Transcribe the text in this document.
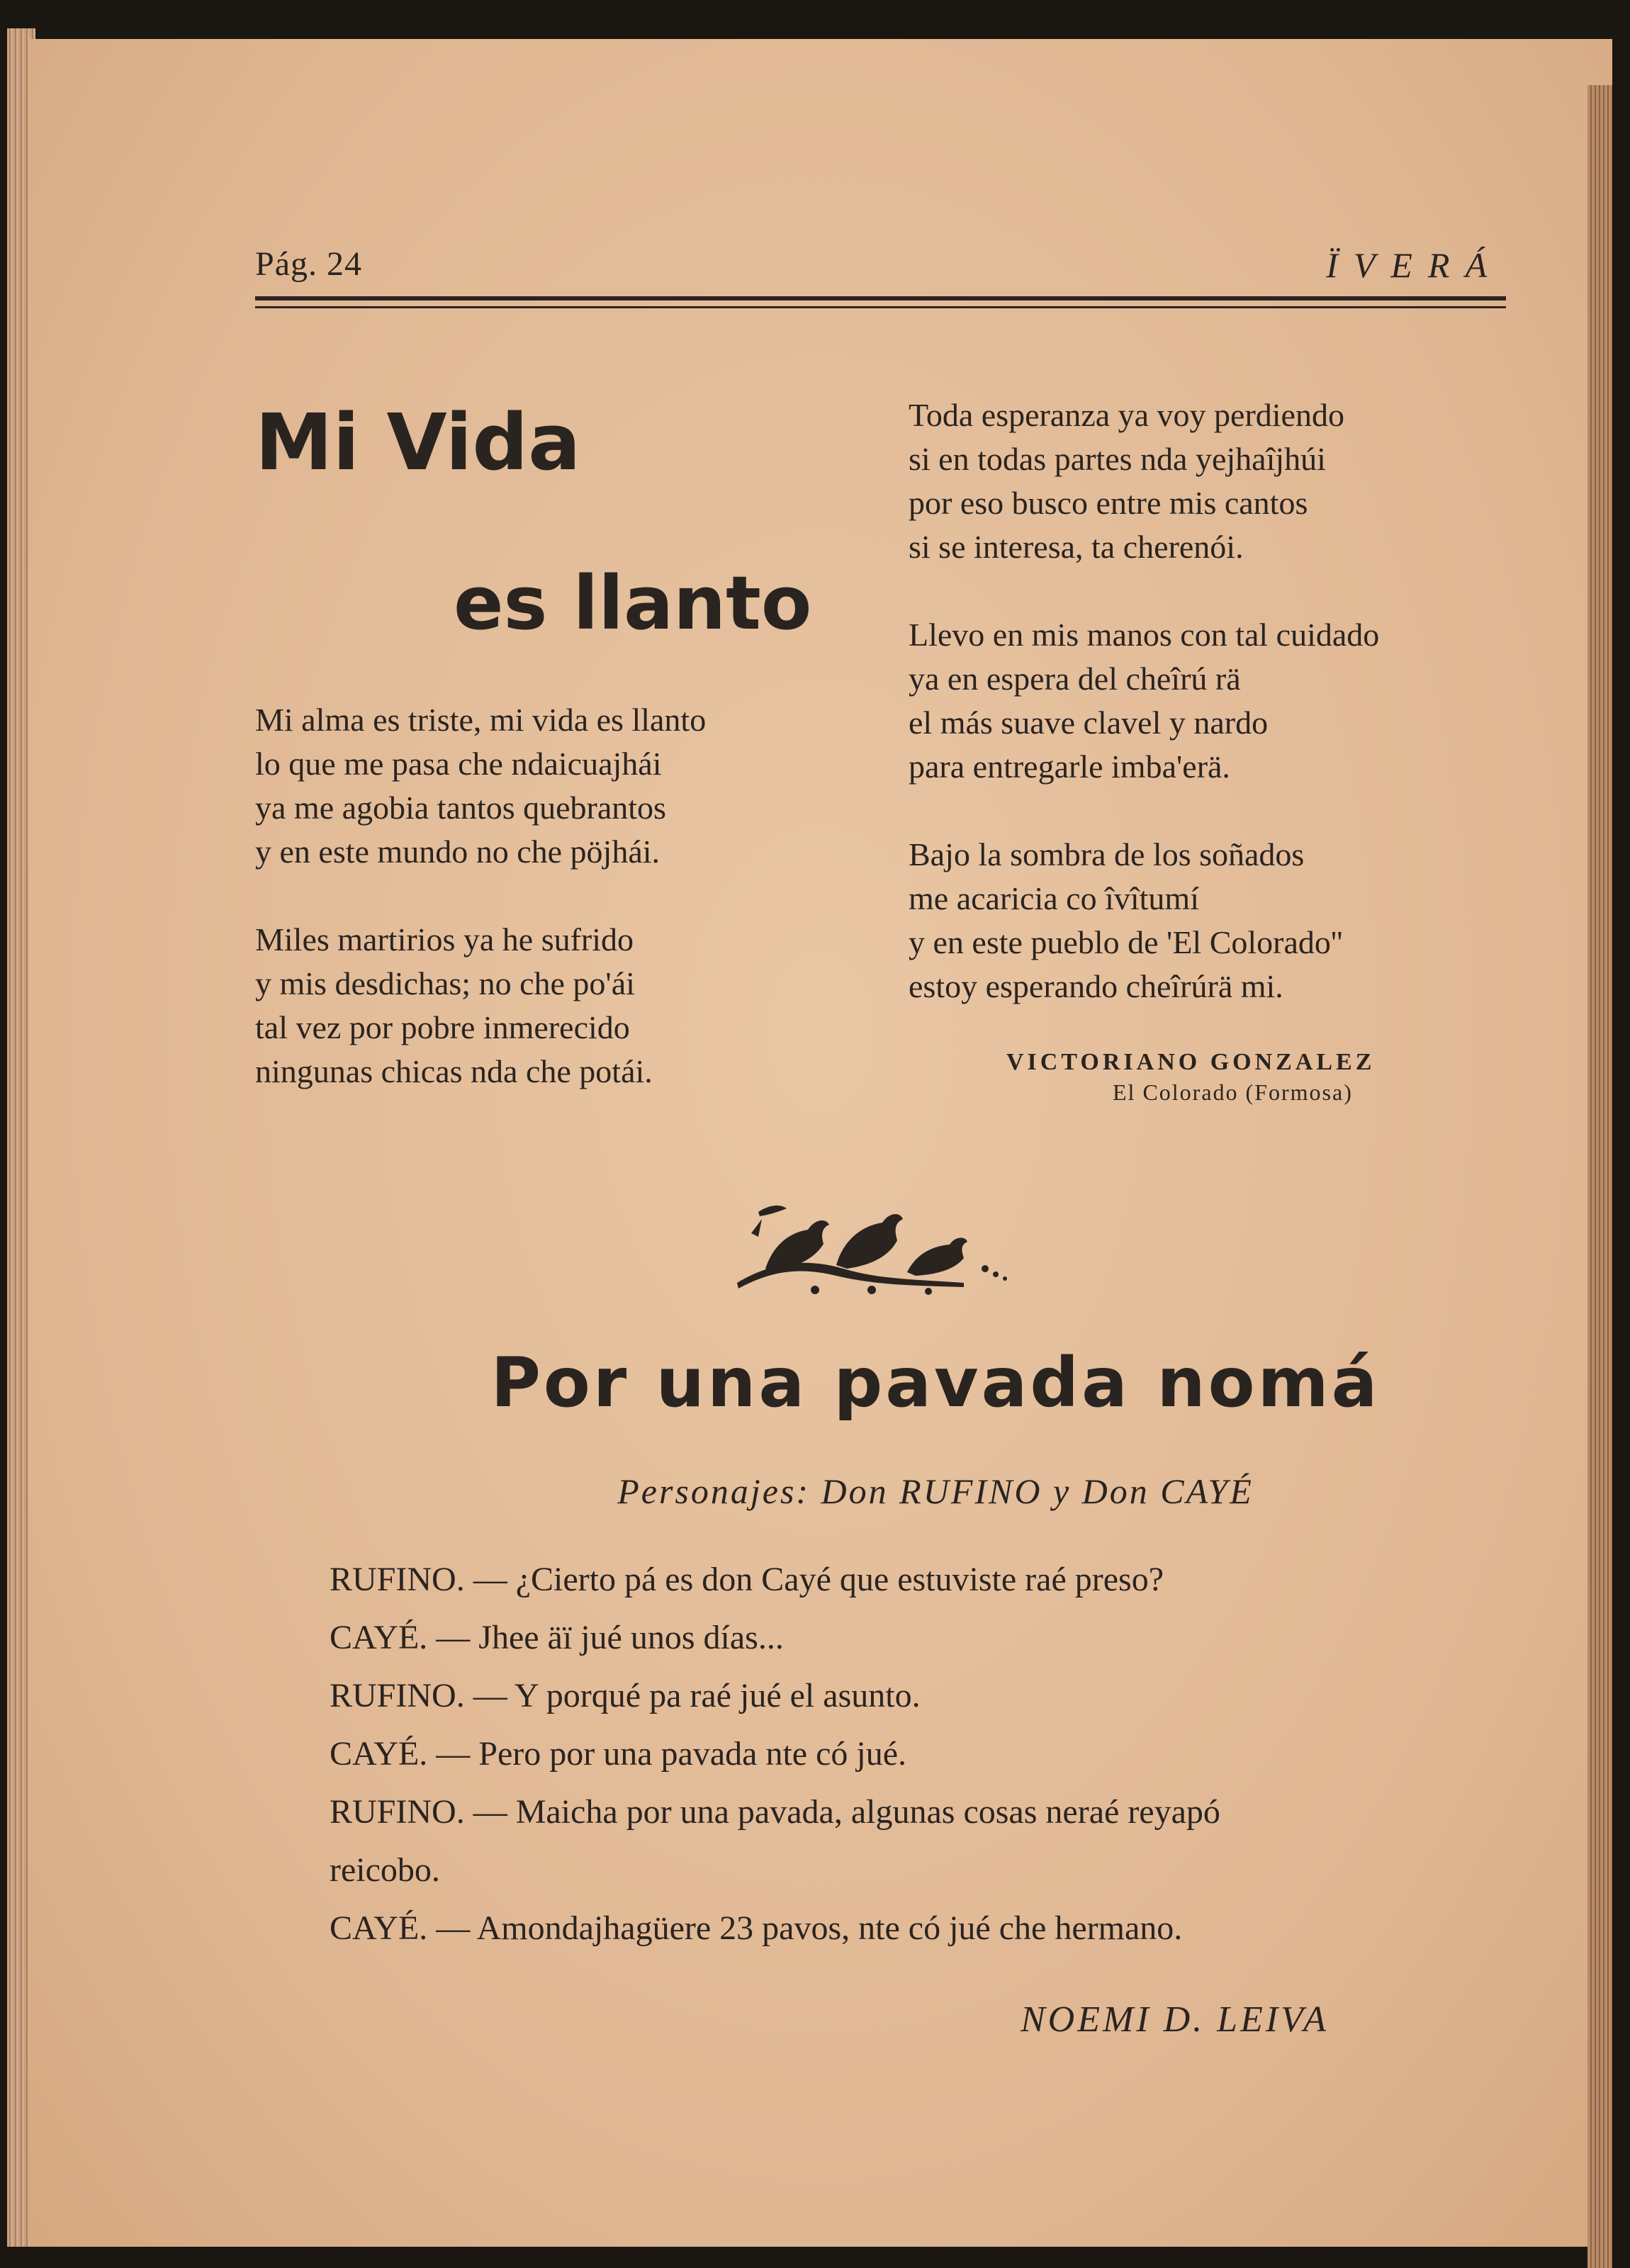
Pág. 24	ÏVERÁ
Mi Vida
es llanto
Mi alma es triste, mi vida es llanto
lo que me pasa che ndaicuajhái
ya me agobia tantos quebrantos
y en este mundo no che pöjhái.
Miles martirios ya he sufrido
y mis desdichas; no che po'ái
tal vez por pobre inmerecido
ningunas chicas nda che potái.
Toda esperanza ya voy perdiendo
si en todas partes nda yejhaîjhúi
por eso busco entre mis cantos
si se interesa, ta cherenói.
Llevo en mis manos con tal cuidado
ya en espera del cheîrú rä
el más suave clavel y nardo
para entregarle imba'erä.
Bajo la sombra de los soñados
me acaricia co îvîtumí
y en este pueblo de 'El Colorado''
estoy esperando cheîrúrä mi.
VICTORIANO GONZALEZ
El Colorado (Formosa)
Por una pavada nomá
Personajes: Don RUFINO y Don CAYÉ
RUFINO. — ¿Cierto pá es don Cayé que estuviste raé preso?
CAYÉ. — Jhee äï jué unos días...
RUFINO. — Y porqué pa raé jué el asunto.
CAYÉ. — Pero por una pavada nte có jué.
RUFINO. — Maicha por una pavada, algunas cosas neraé reyapó
reicobo.
CAYÉ. — Amondajhagüere 23 pavos, nte có jué che hermano.
NOEMI D. LEIVA
